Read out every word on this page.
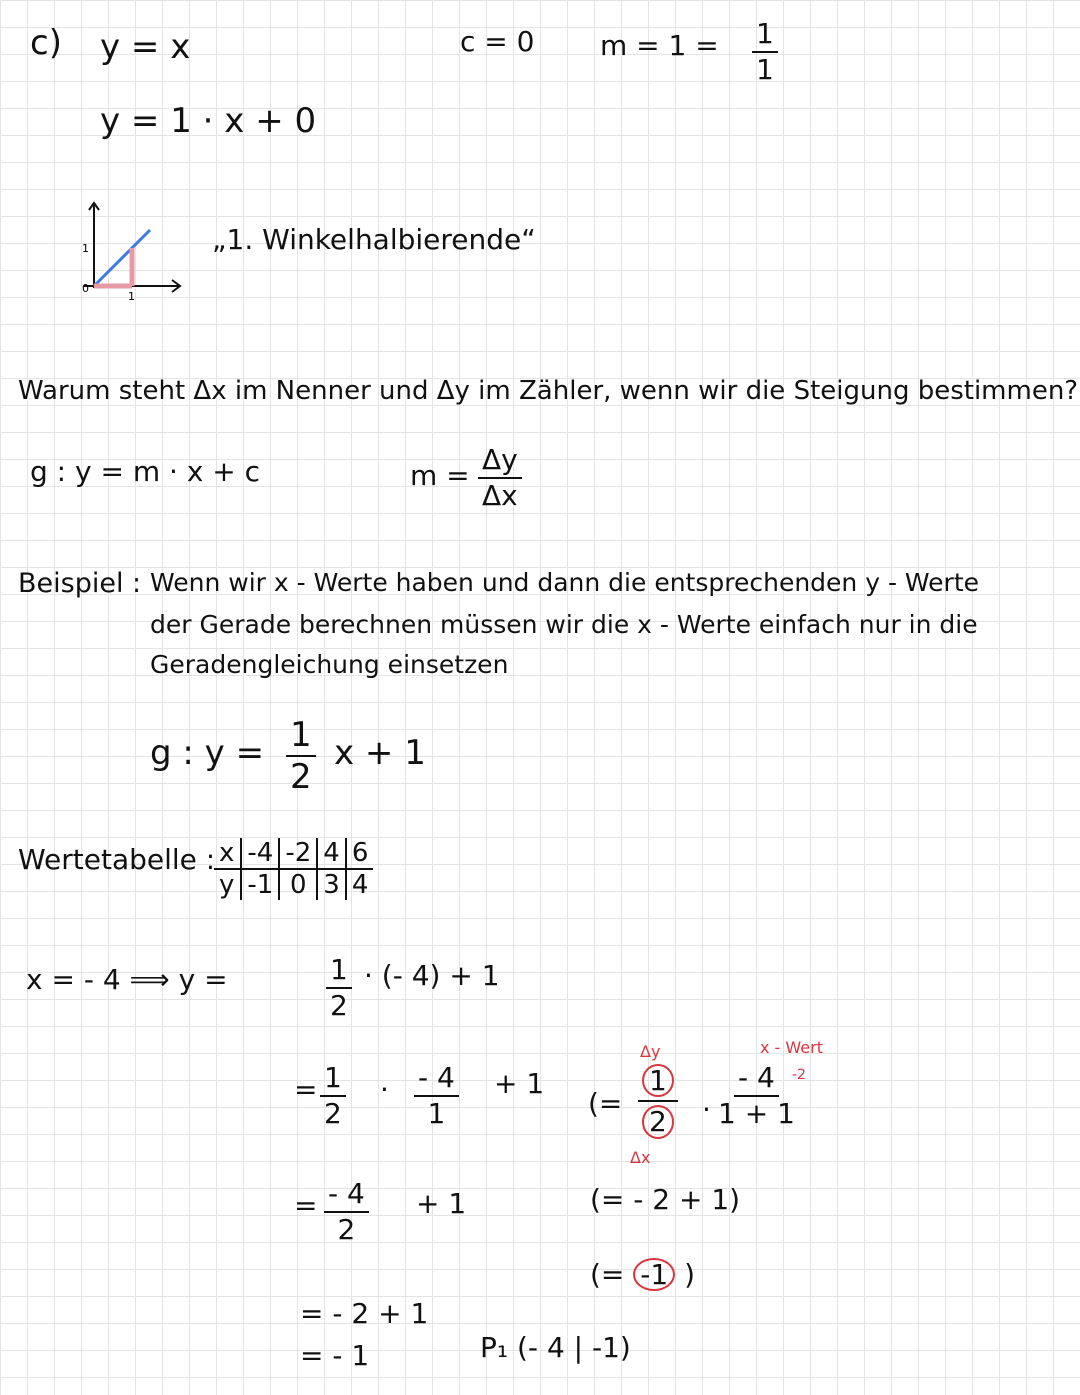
c) y = x	c = 0 $m = 1 = \frac{1}{1}$
y = 1 · x + 0
1
0
1
„1. Winkelhalbierende“
Warum steht Δx im Nenner und Δy im Zähler, wenn wir die Steigung bestimmen?
g : y = m · x + c	$m = \frac{\Delta y}{\Delta x}$
Beispiel : Wenn wir x - Werte haben und dann die entsprechenden y - Werte
der Gerade berechnen müssen wir die x - Werte einfach nur in die
Geradengleichung einsetzen
g : $y = \frac{1}{2}$ x + 1
Wertetabelle : x	-4	-2	4	6
y	-1	0	3	4
x = - 4 ⟹ y =	$\frac{1}{2}$ · (- 4) + 1
= $\frac{1}{2} \cdot \frac{- 4}{1} + 1$
Δy	x - Wert
(= $\frac{1}{2}$
Δx
· $\frac{- 4}{1 + 1}$
-2
= $\frac{- 4}{2} + 1$	(= - 2 + 1)
(= -1 )
= - 2 + 1
= - 1	P₁ (- 4 | -1)
